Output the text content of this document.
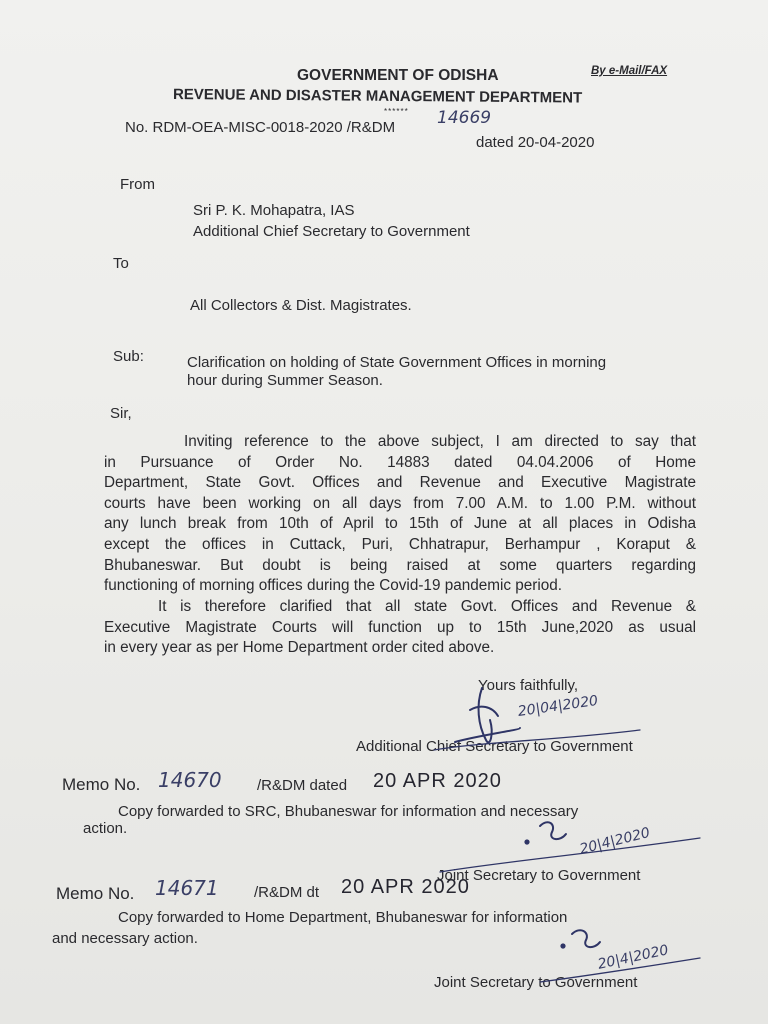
By e-Mail/FAX
GOVERNMENT OF ODISHA
REVENUE AND DISASTER MANAGEMENT DEPARTMENT
******
No. RDM-OEA-MISC-0018-2020 /R&DM 14669
dated 20-04-2020
From
Sri P. K. Mohapatra, IAS
Additional Chief Secretary to Government
To
All Collectors & Dist. Magistrates.
Sub:	Clarification on holding of State Government Offices in morning
hour during Summer Season.
Sir,
Inviting reference to the above subject, I am directed to say that
in Pursuance of Order No. 14883 dated 04.04.2006 of Home
Department, State Govt. Offices and Revenue and Executive Magistrate
courts have been working on all days from 7.00 A.M. to 1.00 P.M. without
any lunch break from 10th of April to 15th of June at all places in Odisha
except the offices in Cuttack, Puri, Chhatrapur, Berhampur , Koraput &
Bhubaneswar. But doubt is being raised at some quarters regarding
functioning of morning offices during the Covid-19 pandemic period.
It is therefore clarified that all state Govt. Offices and Revenue &
Executive Magistrate Courts will function up to 15th June,2020 as usual
in every year as per Home Department order cited above.
Yours faithfully,
20|04|2020
Additional Chief Secretary to Government
Memo No. 14670 /R&DM dated 20 APR 2020
Copy forwarded to SRC, Bhubaneswar for information and necessary
action.	20|4|2020
Joint Secretary to Government
Memo No. 14671 /R&DM dt 20 APR 2020
Copy forwarded to Home Department, Bhubaneswar for information
and necessary action.
20|4|2020
Joint Secretary to Government
